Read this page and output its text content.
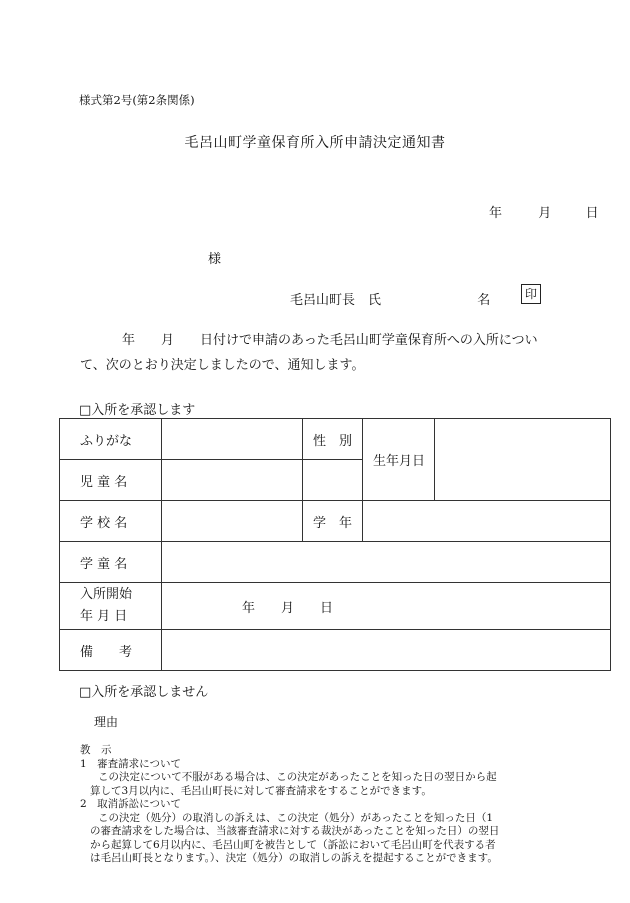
様式第2号(第2条関係)
毛呂山町学童保育所入所申請決定通知書
年	月	日
様
毛呂山町長　氏	名	印
年　　月　　日付けで申請のあった毛呂山町学童保育所への入所につい
て、次のとおり決定しましたので、通知します。
□入所を承認します
ふりがな		性　別	生年月日	
児 童 名				
学 校 名		学　年		
学 童 名				

入所開始
年 月 日	年　　月　　日			
備　　考				
□入所を承認しません
理由
教　示
1　審査請求について
この決定について不服がある場合は、この決定があったことを知った日の翌日から起
算して3月以内に、毛呂山町長に対して審査請求をすることができます。
2　取消訴訟について
この決定（処分）の取消しの訴えは、この決定（処分）があったことを知った日（1
の審査請求をした場合は、当該審査請求に対する裁決があったことを知った日）の翌日
から起算して6月以内に、毛呂山町を被告として（訴訟において毛呂山町を代表する者
は毛呂山町長となります。）、決定（処分）の取消しの訴えを提起することができます。
